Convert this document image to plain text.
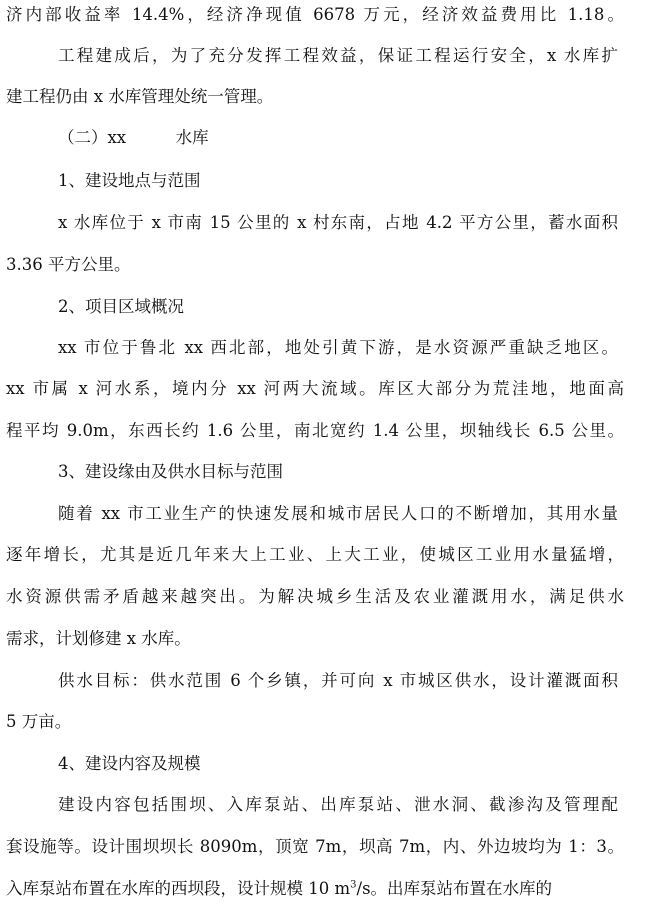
济内部收益率 14.4%，经济净现值 6678 万元，经济效益费用比 1.18。
工程建成后，为了充分发挥工程效益，保证工程运行安全，x 水库扩
建工程仍由 x 水库管理处统一管理。
（二）xx　　　水库
1、建设地点与范围
x 水库位于 x 市南 15 公里的 x 村东南，占地 4.2 平方公里，蓄水面积
3.36 平方公里。
2、项目区域概况
xx 市位于鲁北 xx 西北部，地处引黄下游，是水资源严重缺乏地区。
xx 市属 x 河水系，境内分 xx 河两大流域。库区大部分为荒洼地，地面高
程平均 9.0m，东西长约 1.6 公里，南北宽约 1.4 公里，坝轴线长 6.5 公里。
3、建设缘由及供水目标与范围
随着 xx 市工业生产的快速发展和城市居民人口的不断增加，其用水量
逐年增长，尤其是近几年来大上工业、上大工业，使城区工业用水量猛增，
水资源供需矛盾越来越突出。为解决城乡生活及农业灌溉用水，满足供水
需求，计划修建 x 水库。
供水目标：供水范围 6 个乡镇，并可向 x 市城区供水，设计灌溉面积
5 万亩。
4、建设内容及规模
建设内容包括围坝、入库泵站、出库泵站、泄水洞、截渗沟及管理配
套设施等。设计围坝坝长 8090m，顶宽 7m，坝高 7m，内、外边坡均为 1：3。
入库泵站布置在水库的西坝段，设计规模 10 $m^3/s$。出库泵站布置在水库的
